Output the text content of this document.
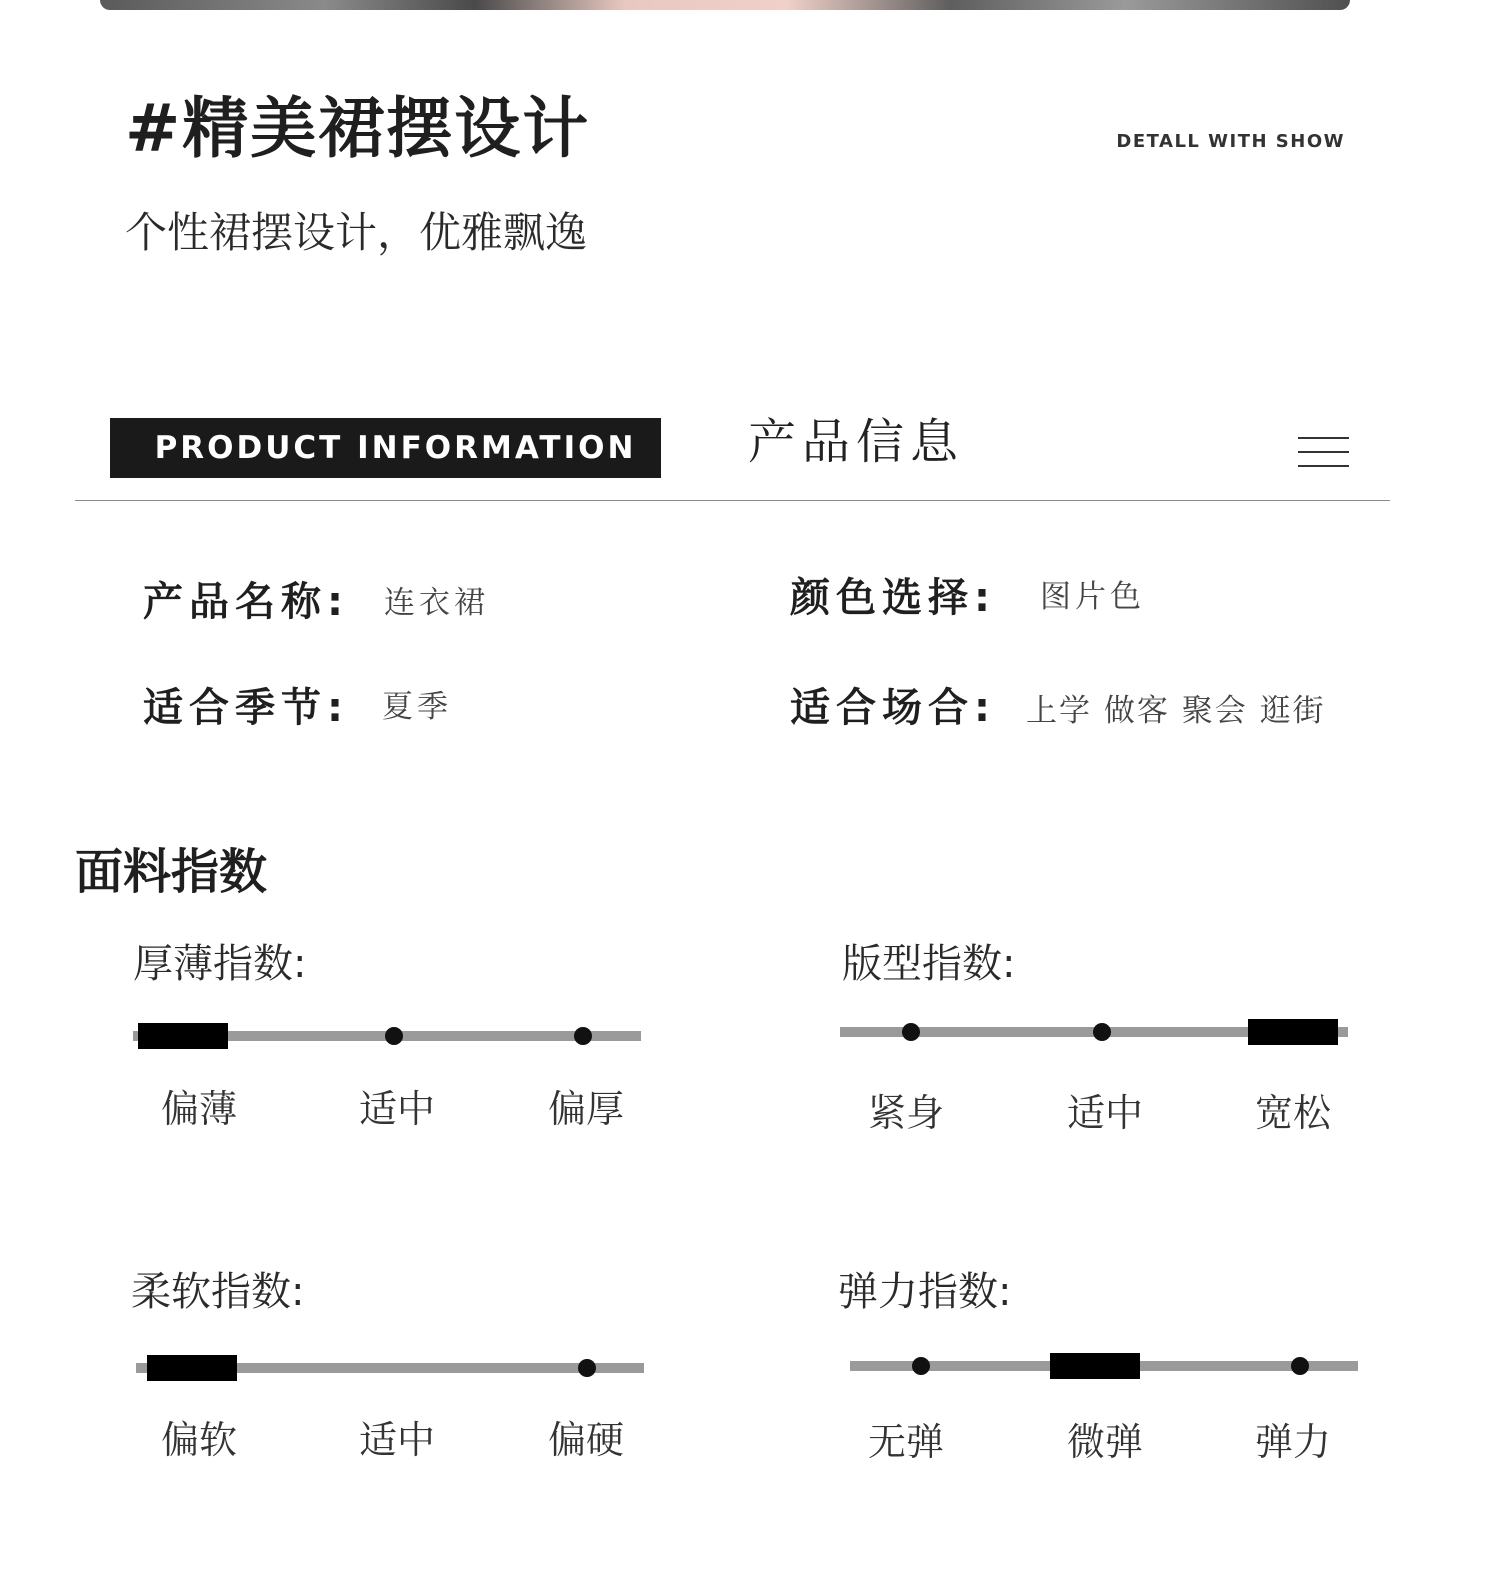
#精美裙摆设计	DETALL WITH SHOW
个性裙摆设计，优雅飘逸
PRODUCT INFORMATION	产品信息
产品名称: 连衣裙	颜色选择: 图片色
适合季节: 夏季	适合场合: 上学 做客 聚会 逛街
面料指数
厚薄指数:
偏薄	适中	偏厚
版型指数:
紧身	适中	宽松
柔软指数:
偏软	适中	偏硬
弹力指数:
无弹	微弹	弹力
